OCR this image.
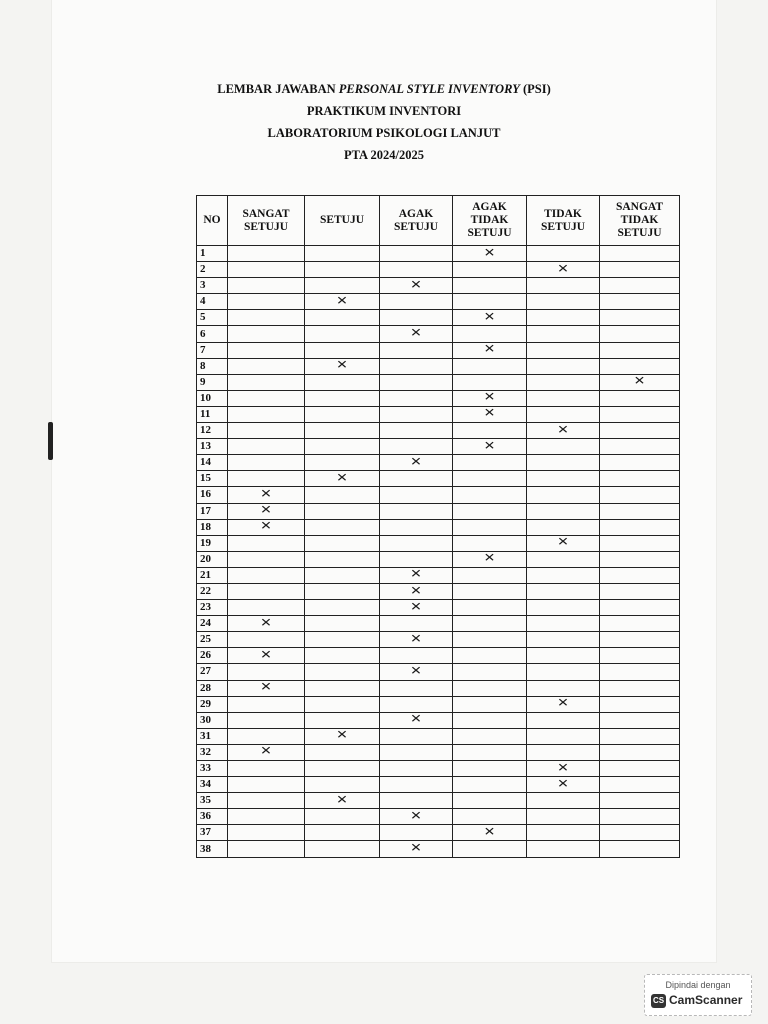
LEMBAR JAWABAN PERSONAL STYLE INVENTORY (PSI)
PRAKTIKUM INVENTORI
LABORATORIUM PSIKOLOGI LANJUT
PTA 2024/2025
NO	SANGAT SETUJU	SETUJU	AGAK SETUJU	AGAK TIDAK SETUJU	TIDAK SETUJU	SANGAT TIDAK SETUJU
1				✕		
2					✕	
3			✕			
4		✕				
5				✕		
6			✕			
7				✕		
8		✕				
9						✕
10				✕		
11				✕		
12					✕	
13				✕		
14			✕			
15		✕				
16	✕					
17	✕					
18	✕					
19					✕	
20				✕		
21			✕			
22			✕			
23			✕			
24	✕					
25			✕			
26	✕					
27			✕			
28	✕					
29					✕	
30			✕			
31		✕				
32	✕					
33					✕	
34					✕	
35		✕				
36			✕			
37				✕		
38			✕			
Dipindai dengan
CS CamScanner
